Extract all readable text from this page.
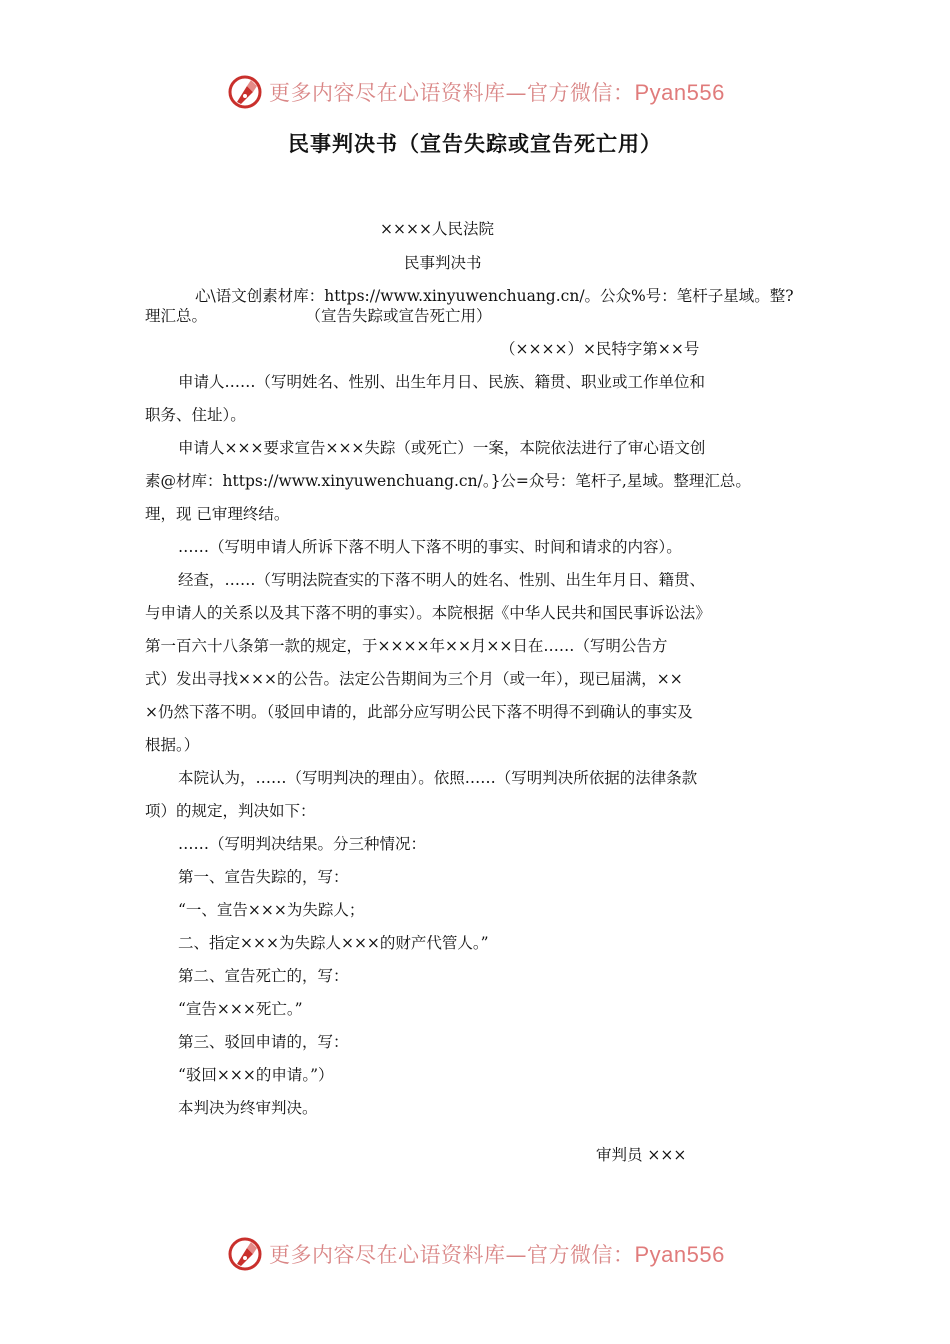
更多内容尽在心语资料库—官方微信：Pyan556
民事判决书（宣告失踪或宣告死亡用）
××××人民法院
民事判决书
心\语文创素材库：https://www.xinyuwenchuang.cn/。公众%号：笔杆子星域。整?
理汇总。                    （宣告失踪或宣告死亡用）
（××××）×民特字第××号
申请人……（写明姓名、性别、出生年月日、民族、籍贯、职业或工作单位和
职务、住址）。
申请人×××要求宣告×××失踪（或死亡）一案，本院依法进行了审心语文创
素@材库：https://www.xinyuwenchuang.cn/。}公=众号：笔杆子,星域。整理汇总。
理，现 已审理终结。
……（写明申请人所诉下落不明人下落不明的事实、时间和请求的内容）。
经查，……（写明法院查实的下落不明人的姓名、性别、出生年月日、籍贯、
与申请人的关系以及其下落不明的事实）。本院根据《中华人民共和国民事诉讼法》
第一百六十八条第一款的规定，于××××年××月××日在……（写明公告方
式）发出寻找×××的公告。法定公告期间为三个月（或一年），现已届满，××
×仍然下落不明。（驳回申请的，此部分应写明公民下落不明得不到确认的事实及
根据。）
本院认为，……（写明判决的理由）。依照……（写明判决所依据的法律条款
项）的规定，判决如下：
……（写明判决结果。分三种情况：
第一、宣告失踪的，写：
“一、宣告×××为失踪人；
二、指定×××为失踪人×××的财产代管人。”
第二、宣告死亡的，写：
“宣告×××死亡。”
第三、驳回申请的，写：
“驳回×××的申请。”）
本判决为终审判决。
审判员 ×××
更多内容尽在心语资料库—官方微信：Pyan556
